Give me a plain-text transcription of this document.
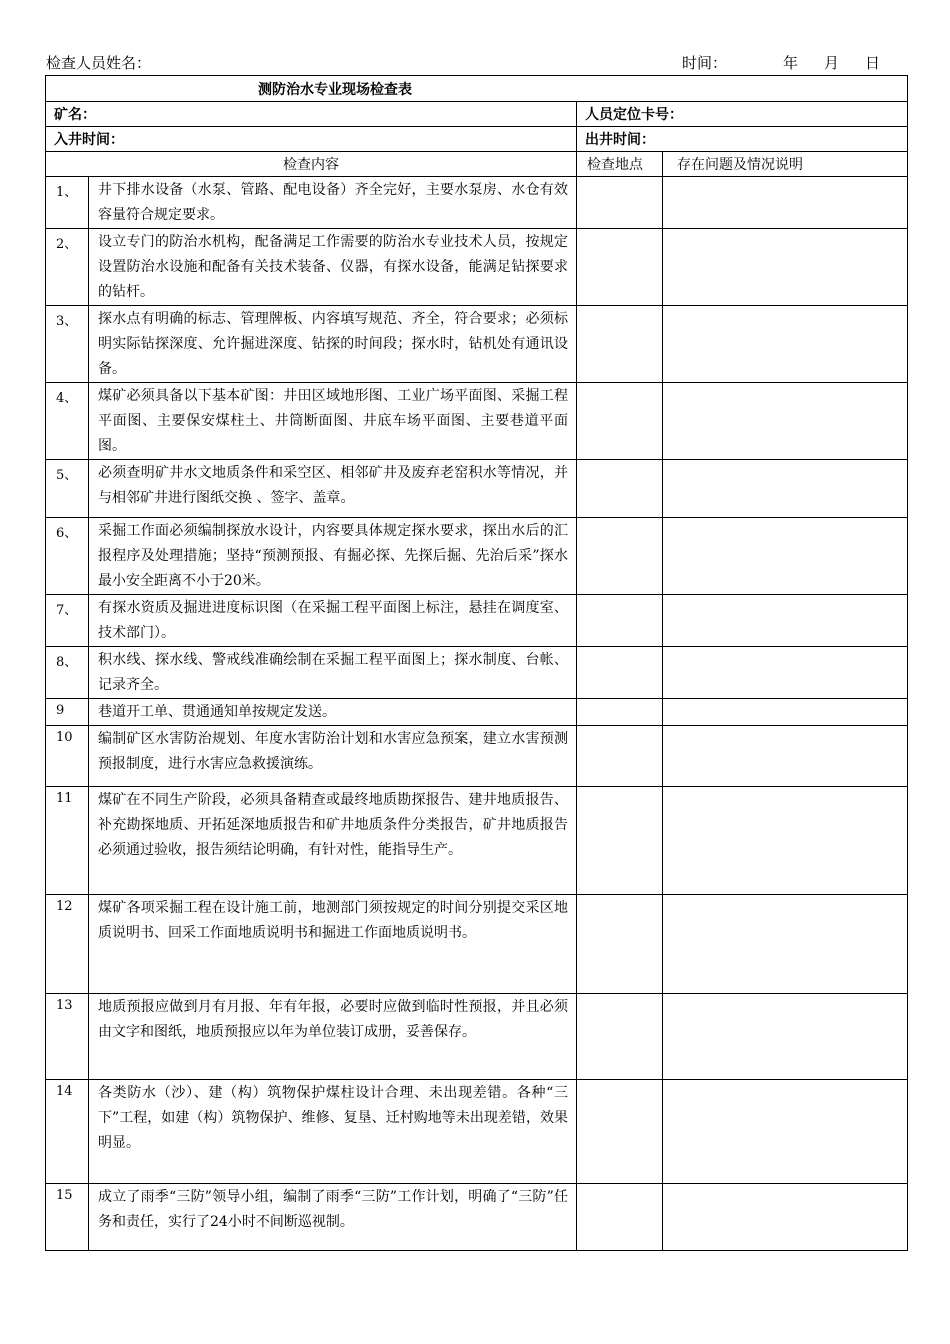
检查人员姓名：	时间：	年 月 日
测防治水专业现场检查表			
矿名：		人员定位卡号：	
入井时间：		出井时间：	
检查内容		检查地点	存在问题及情况说明
1、	井下排水设备（水泵、管路、配电设备）齐全完好，主要水泵房、水仓有效容量符合规定要求。		
2、	设立专门的防治水机构，配备满足工作需要的防治水专业技术人员，按规定设置防治水设施和配备有关技术装备、仪器，有探水设备，能满足钻探要求的钻杆。		
3、	探水点有明确的标志、管理牌板、内容填写规范、齐全，符合要求；必须标明实际钻探深度、允许掘进深度、钻探的时间段；探水时，钻机处有通讯设备。		
4、	煤矿必须具备以下基本矿图：井田区域地形图、工业广场平面图、采掘工程平面图、主要保安煤柱土、井筒断面图、井底车场平面图、主要巷道平面图。		
5、	必须查明矿井水文地质条件和采空区、相邻矿井及废弃老窑积水等情况，并与相邻矿井进行图纸交换 、签字、盖章。		
6、	采掘工作面必须编制探放水设计，内容要具体规定探水要求，探出水后的汇报程序及处理措施；坚持“预测预报、有掘必探、先探后掘、先治后采”探水最小安全距离不小于20米。		
7、	有探水资质及掘进进度标识图（在采掘工程平面图上标注，悬挂在调度室、技术部门）。		
8、	积水线、探水线、警戒线准确绘制在采掘工程平面图上；探水制度、台帐、记录齐全。		
9	巷道开工单、贯通通知单按规定发送。		
10	编制矿区水害防治规划、年度水害防治计划和水害应急预案，建立水害预测预报制度，进行水害应急救援演练。		
11	煤矿在不同生产阶段，必须具备精查或最终地质勘探报告、建井地质报告、补充勘探地质、开拓延深地质报告和矿井地质条件分类报告，矿井地质报告必须通过验收，报告须结论明确，有针对性，能指导生产。		
12	煤矿各项采掘工程在设计施工前，地测部门须按规定的时间分别提交采区地质说明书、回采工作面地质说明书和掘进工作面地质说明书。		
13	地质预报应做到月有月报、年有年报，必要时应做到临时性预报，并且必须由文字和图纸，地质预报应以年为单位装订成册，妥善保存。		
14	各类防水（沙）、建（构）筑物保护煤柱设计合理、未出现差错。各种“三下”工程，如建（构）筑物保护、维修、复垦、迁村购地等未出现差错，效果明显。		
15	成立了雨季“三防”领导小组，编制了雨季“三防”工作计划，明确了“三防”任务和责任，实行了24小时不间断巡视制。		
